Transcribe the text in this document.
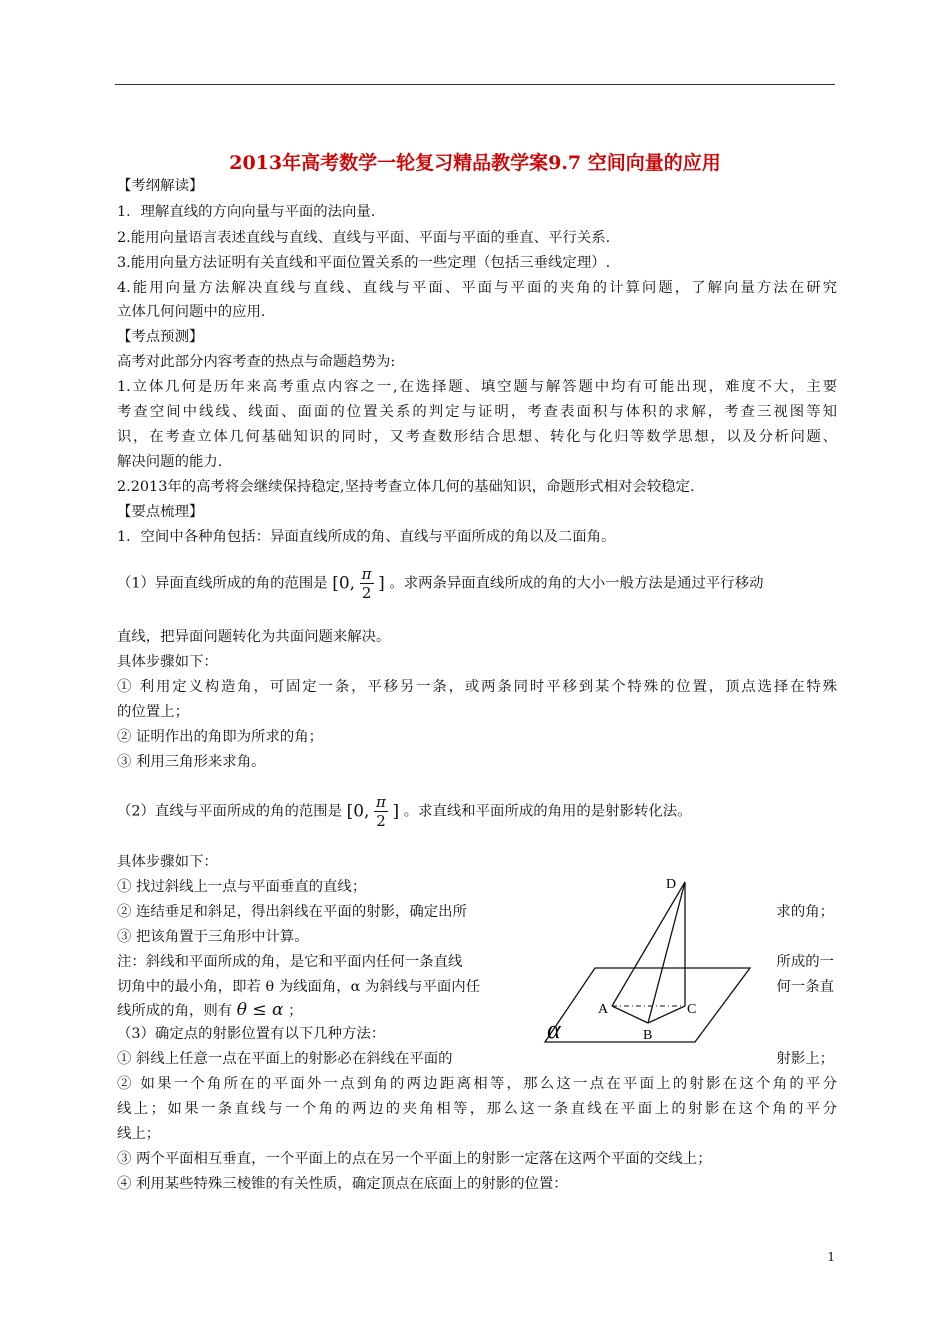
2013年高考数学一轮复习精品教学案9.7 空间向量的应用
【考纲解读】
1．理解直线的方向向量与平面的法向量.
2.能用向量语言表述直线与直线、直线与平面、平面与平面的垂直、平行关系.
3.能用向量方法证明有关直线和平面位置关系的一些定理（包括三垂线定理）.
4.能用向量方法解决直线与直线、直线与平面、平面与平面的夹角的计算问题，了解向量方法在研究
立体几何问题中的应用.
【考点预测】
高考对此部分内容考查的热点与命题趋势为:
1.立体几何是历年来高考重点内容之一,在选择题、填空题与解答题中均有可能出现，难度不大，主要
考查空间中线线、线面、面面的位置关系的判定与证明，考查表面积与体积的求解，考查三视图等知
识，在考查立体几何基础知识的同时，又考查数形结合思想、转化与化归等数学思想，以及分析问题、
解决问题的能力.
2.2013年的高考将会继续保持稳定,坚持考查立体几何的基础知识，命题形式相对会较稳定.
【要点梳理】
1．空间中各种角包括：异面直线所成的角、直线与平面所成的角以及二面角。
（1）异面直线所成的角的范围是 [0, $\frac{\pi}{2}$ ] 。求两条异面直线所成的角的大小一般方法是通过平行移动
直线，把异面问题转化为共面问题来解决。
具体步骤如下：
① 利用定义构造角，可固定一条，平移另一条，或两条同时平移到某个特殊的位置，顶点选择在特殊
的位置上；
② 证明作出的角即为所求的角；
③ 利用三角形来求角。
（2）直线与平面所成的角的范围是 [0, $\frac{\pi}{2}$ ] 。求直线和平面所成的角用的是射影转化法。
具体步骤如下：
① 找过斜线上一点与平面垂直的直线；
② 连结垂足和斜足，得出斜线在平面的射影，确定出所	求的角；
③ 把该角置于三角形中计算。
注：斜线和平面所成的角，是它和平面内任何一条直线	所成的一
切角中的最小角，即若 θ 为线面角，α 为斜线与平面内任	何一条直
线所成的角，则有 θ ≤ α ；
（3）确定点的射影位置有以下几种方法：
① 斜线上任意一点在平面上的射影必在斜线在平面的	射影上；
② 如果一个角所在的平面外一点到角的两边距离相等，那么这一点在平面上的射影在这个角的平分
线上；如果一条直线与一个角的两边的夹角相等，那么这一条直线在平面上的射影在这个角的平分
线上；
③ 两个平面相互垂直，一个平面上的点在另一个平面上的射影一定落在这两个平面的交线上；
④ 利用某些特殊三棱锥的有关性质，确定顶点在底面上的射影的位置：
D
A
B
C
α
1
